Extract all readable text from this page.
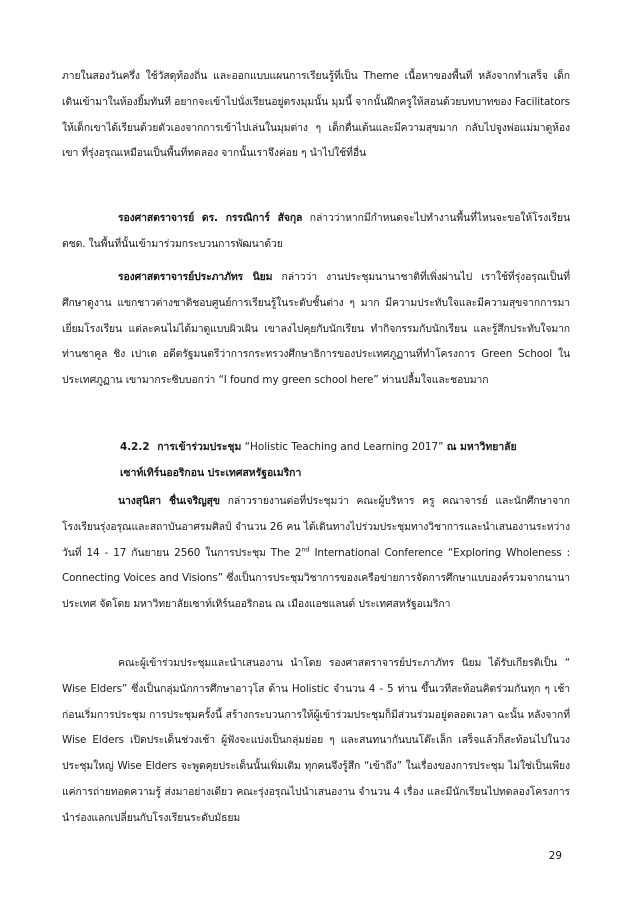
ภายในสองวันครึ่ง ใช้วัสดุท้องถิ่น และออกแบบแผนการเรียนรู้ที่เป็น Theme เนื้อหาของพื้นที่ หลังจากทำเสร็จ เด็กเดินเข้ามาในห้องยิ้มทันที อยากจะเข้าไปนั่งเรียนอยู่ตรงมุมนั้น มุมนี้ จากนั้นฝึกครูให้สอนด้วยบทบาทของ Facilitators ให้เด็กเขาได้เรียนด้วยตัวเองจากการเข้าไปเล่นในมุมต่าง ๆ เด็กตื่นเต้นและมีความสุขมาก กลับไปจูงพ่อแม่มาดูห้องเขา ที่รุ่งอรุณเหมือนเป็นพื้นที่ทดลอง จากนั้นเราจึงค่อย ๆ นำไปใช้ที่อื่น

รองศาสตราจารย์ ดร. กรรณิการ์ สัจกุล กล่าวว่าหากมีกำหนดจะไปทำงานพื้นที่ไหนจะขอให้โรงเรียน ตชด. ในพื้นที่นั้นเข้ามาร่วมกระบวนการพัฒนาด้วย

รองศาสตราจารย์ประภาภัทร นิยม กล่าวว่า งานประชุมนานาชาติที่เพิ่งผ่านไป เราใช้ที่รุ่งอรุณเป็นที่ศึกษาดูงาน แขกชาวต่างชาติชอบศูนย์การเรียนรู้ในระดับชั้นต่าง ๆ มาก มีความประทับใจและมีความสุขจากการมาเยี่ยมโรงเรียน แต่ละคนไม่ได้มาดูแบบผิวเผิน เขาลงไปคุยกับนักเรียน ทำกิจกรรมกับนักเรียน และรู้สึกประทับใจมาก ท่านซาคูล ชิง เปาเด อดีตรัฐมนตรีว่าการกระทรวงศึกษาธิการของประเทศภูฏานที่ทำโครงการ Green School ในประเทศภูฏาน เขามากระซิบบอกว่า “I found my green school here” ท่านปลื้มใจและชอบมาก

4.2.2 การเข้าร่วมประชุม “Holistic Teaching and Learning 2017” ณ มหาวิทยาลัย
เซาท์เทิร์นออริกอน ประเทศสหรัฐอเมริกา

นางสุนิสา ชื่นเจริญสุข กล่าวรายงานต่อที่ประชุมว่า คณะผู้บริหาร ครู คณาจารย์ และนักศึกษาจาก โรงเรียนรุ่งอรุณและสถาบันอาศรมศิลป์ จำนวน 26 คน ได้เดินทางไปร่วมประชุมทางวิชาการและนำเสนองานระหว่างวันที่ 14 - 17 กันยายน 2560 ในการประชุม The 2nd International Conference “Exploring Wholeness : Connecting Voices and Visions” ซึ่งเป็นการประชุมวิชาการของเครือข่ายการจัดการศึกษาแบบองค์รวมจากนานาประเทศ จัดโดย มหาวิทยาลัยเซาท์เทิร์นออริกอน ณ เมืองแอชแลนด์ ประเทศสหรัฐอเมริกา

คณะผู้เข้าร่วมประชุมและนำเสนองาน นำโดย รองศาสตราจารย์ประภาภัทร นิยม ได้รับเกียรติเป็น “ Wise Elders” ซึ่งเป็นกลุ่มนักการศึกษาอาวุโส ด้าน Holistic จำนวน 4 - 5 ท่าน ขึ้นเวทีสะท้อนคิดร่วมกันทุก ๆ เช้า ก่อนเริ่มการประชุม การประชุมครั้งนี้ สร้างกระบวนการให้ผู้เข้าร่วมประชุมก็มีส่วนร่วมอยู่ตลอดเวลา ฉะนั้น หลังจากที่ Wise Elders เปิดประเด็นช่วงเช้า ผู้ฟังจะแบ่งเป็นกลุ่มย่อย ๆ และสนทนากันบนโต๊ะเล็ก เสร็จแล้วก็สะท้อนไปในวงประชุมใหญ่ Wise Elders จะพูดคุยประเด็นนั้นเพิ่มเติม ทุกคนจึงรู้สึก “เข้าถึง” ในเรื่องของการประชุม ไม่ใช่เป็นเพียงแค่การถ่ายทอดความรู้ ส่งมาอย่างเดียว คณะรุ่งอรุณไปนำเสนองาน จำนวน 4 เรื่อง และมีนักเรียนไปทดลองโครงการนำร่องแลกเปลี่ยนกับโรงเรียนระดับมัธยม

29
